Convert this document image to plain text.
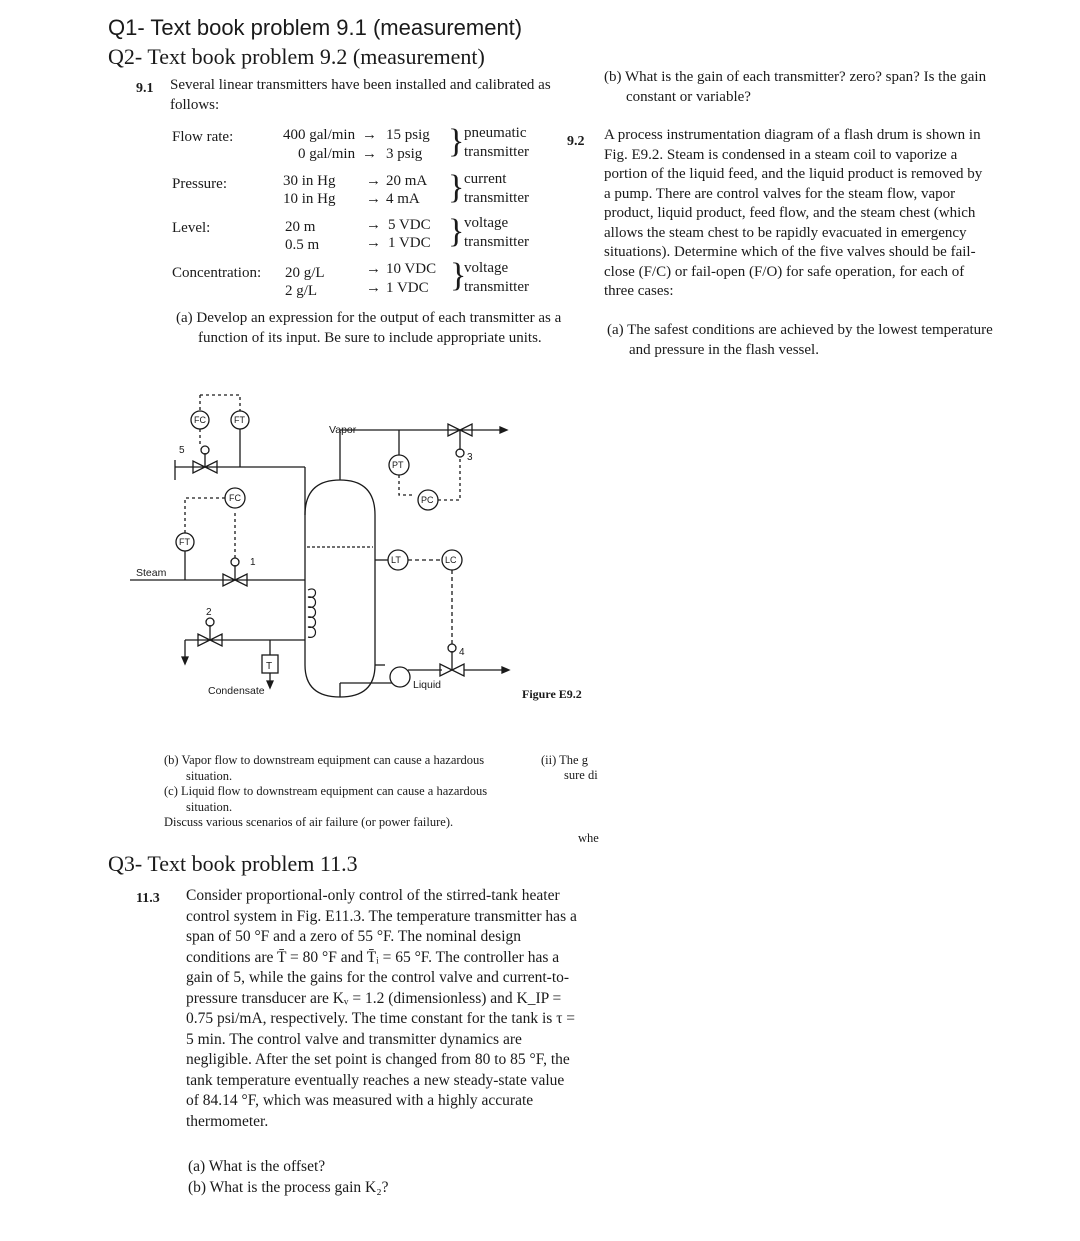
Q1- Text book problem 9.1 (measurement)
Q2- Text book problem 9.2 (measurement)
9.1 Several linear transmitters have been installed and calibrated as follows:
Flow rate:	400 gal/min → 15 psig
0 gal/min → 3 psig } pneumatic
transmitter
Pressure:	30 in Hg → 20 mA
10 in Hg → 4 mA } current
transmitter
Level:	20 m	→ 5 VDC
0.5 m	→ 1 VDC } voltage
transmitter
Concentration: 20 g/L	→ 10 VDC
2 g/L	→ 1 VDC }
voltage
transmitter
(a) Develop an expression for the output of each transmitter as a function of its input. Be sure to include appropriate units.
(b) What is the gain of each transmitter? zero? span? Is the gain constant or variable?
9.2 A process instrumentation diagram of a flash drum is shown in Fig. E9.2. Steam is condensed in a steam coil to vaporize a portion of the liquid feed, and the liquid product is removed by a pump. There are control valves for the steam flow, vapor product, liquid product, feed flow, and the steam chest (which allows the steam chest to be rapidly evacuated in emergency situations). Determine which of the five valves should be fail-close (F/C) or fail-open (F/O) for safe operation, for each of three cases:
(a) The safest conditions are achieved by the lowest temperature and pressure in the flash vessel.
Vapor
Steam
Condensate	Liquid
FC	FT
FC
FT
PT
PC
LT	LC
T
1
2
3
4
5
Figure E9.2
(b) Vapor flow to downstream equipment can cause a hazardous situation.
(c) Liquid flow to downstream equipment can cause a hazardous situation.
Discuss various scenarios of air failure (or power failure).
(ii) The g
sure di
whe
Q3- Text book problem 11.3
11.3 Consider proportional-only control of the stirred-tank heater control system in Fig. E11.3. The temperature transmitter has a span of 50 °F and a zero of 55 °F. The nominal design conditions are T̄ = 80 °F and T̄ᵢ = 65 °F. The controller has a gain of 5, while the gains for the control valve and current-to-pressure transducer are Kᵥ = 1.2 (dimensionless) and K_IP = 0.75 psi/mA, respectively. The time constant for the tank is τ = 5 min. The control valve and transmitter dynamics are negligible. After the set point is changed from 80 to 85 °F, the tank temperature eventually reaches a new steady-state value of 84.14 °F, which was measured with a highly accurate thermometer.
(a) What is the offset?
(b) What is the process gain K₂?
